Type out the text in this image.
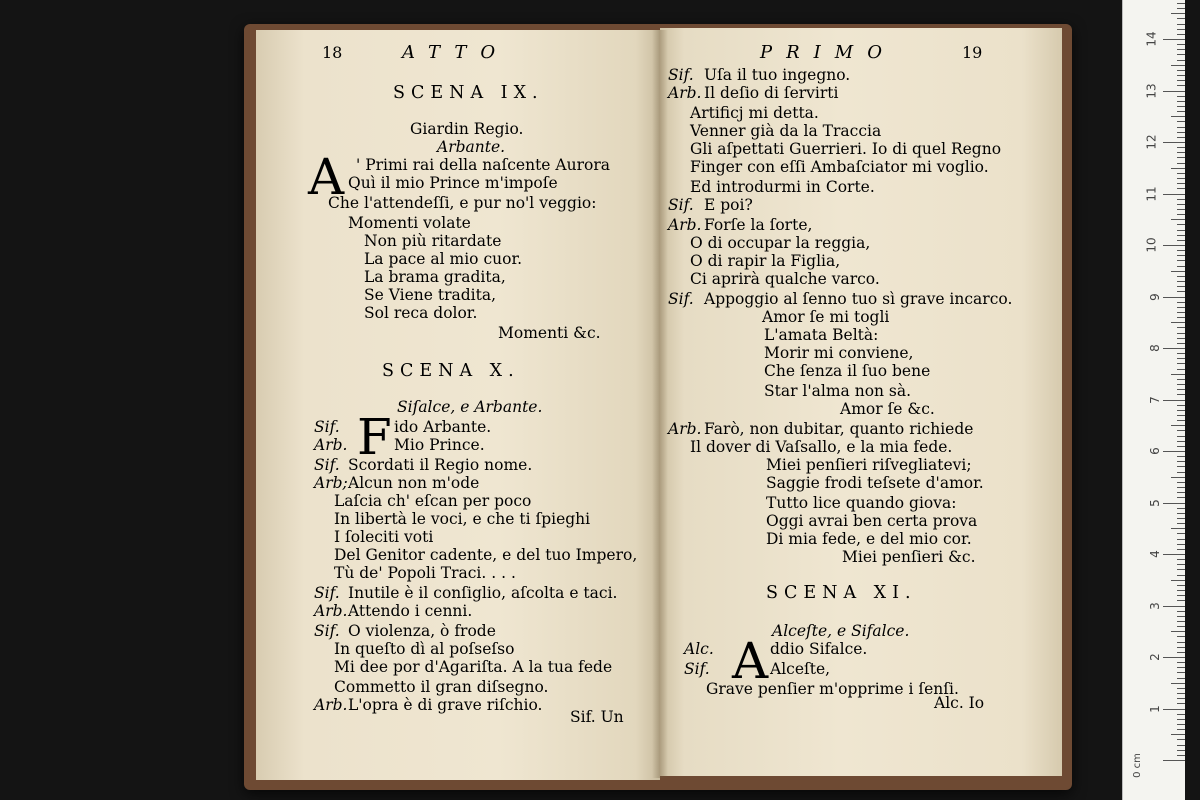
18	ATTO
SCENA IX.
Giardin Regio.
Arbante.
A ' Primi rai della naſcente Aurora
Quì il mio Prince m'impoſe
Che l'attendeſſi, e pur no'l veggio:
Momenti volate
Non più ritardate
La pace al mio cuor.
La brama gradita,
Se Viene tradita,
Sol reca dolor.
Momenti &c.
SCENA X.
Siſalce, e Arbante.
F
Sif.	ido Arbante.
Arb.	Mio Prince.
Sif. Scordati il Regio nome.
Arb; Alcun non m'ode
Laſcia ch' eſcan per poco
In libertà le voci, e che ti ſpieghi
I ſoleciti voti
Del Genitor cadente, e del tuo Impero,
Tù de' Popoli Traci. . . .
Sif. Inutile è il conſiglio, aſcolta e taci.
Arb. Attendo i cenni.
Sif. O violenza, ò frode
In queſto dì al poſseſso
Mi dee por d'Agariſta. A la tua fede
Commetto il gran diſsegno.
Arb. L'opra è di grave riſchio.
Sif. Un
PRIMO	19
Sif. Uſa il tuo ingegno.
Arb. Il deſio di ſervirti
Artificj mi detta.
Venner già da la Traccia
Gli aſpettati Guerrieri. Io di quel Regno
Finger con eſſi Ambaſciator mi voglio.
Ed introdurmi in Corte.
Sif. E poi?
Arb. Forſe la ſorte,
O di occupar la reggia,
O di rapir la Figlia,
Ci aprirà qualche varco.
Sif. Appoggio al ſenno tuo sì grave incarco.
Amor ſe mi togli
L'amata Beltà:
Morir mi conviene,
Che ſenza il ſuo bene
Star l'alma non sà.
Amor ſe &c.
Arb. Farò, non dubitar, quanto richiede
Il dover di Vaſsallo, e la mia fede.
Miei penſieri riſvegliatevi;
Saggie frodi teſsete d'amor.
Tutto lice quando giova:
Oggi avrai ben certa prova
Di mia fede, e del mio cor.
Miei penſieri &c.
SCENA XI.
Alceſte, e Sifalce.
A
Alc.	ddio Sifalce.
Sif.	Alceſte,
Grave penſier m'opprime i ſenſi.
Alc. Io	1
2
3
4
5
6
7
8
9
10
11
12
13
14
0 cm
